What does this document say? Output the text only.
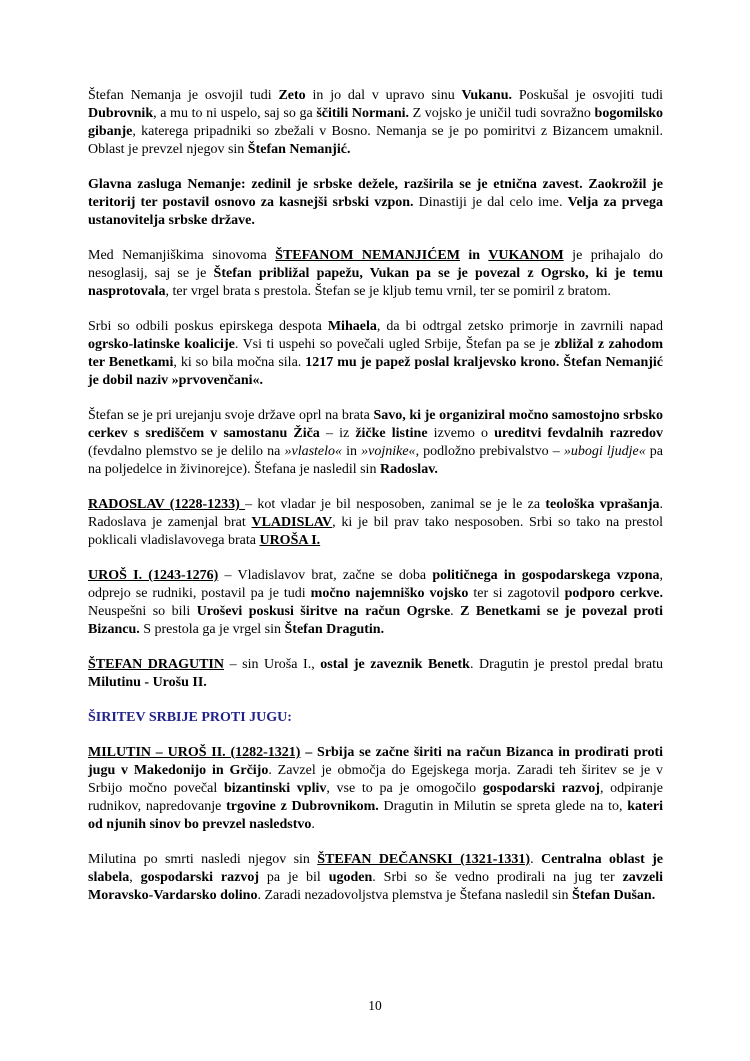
Štefan Nemanja je osvojil tudi Zeto in jo dal v upravo sinu Vukanu. Poskušal je osvojiti tudi Dubrovnik, a mu to ni uspelo, saj so ga ščitili Normani. Z vojsko je uničil tudi sovražno bogomilsko gibanje, katerega pripadniki so zbežali v Bosno. Nemanja se je po pomiritvi z Bizancem umaknil. Oblast je prevzel njegov sin Štefan Nemanjić.

Glavna zasluga Nemanje: zedinil je srbske dežele, razširila se je etnična zavest. Zaokrožil je teritorij ter postavil osnovo za kasnejši srbski vzpon. Dinastiji je dal celo ime. Velja za prvega ustanovitelja srbske države.

Med Nemanjiškima sinovoma ŠTEFANOM NEMANJIĆEM in VUKANOM je prihajalo do nesoglasij, saj se je Štefan približal papežu, Vukan pa se je povezal z Ogrsko, ki je temu nasprotovala, ter vrgel brata s prestola. Štefan se je kljub temu vrnil, ter se pomiril z bratom.

Srbi so odbili poskus epirskega despota Mihaela, da bi odtrgal zetsko primorje in zavrnili napad ogrsko-latinske koalicije. Vsi ti uspehi so povečali ugled Srbije, Štefan pa se je zbližal z zahodom ter Benetkami, ki so bila močna sila. 1217 mu je papež poslal kraljevsko krono. Štefan Nemanjić je dobil naziv »prvovenčani«.

Štefan se je pri urejanju svoje države oprl na brata Savo, ki je organiziral močno samostojno srbsko cerkev s središčem v samostanu Žiča – iz žičke listine izvemo o ureditvi fevdalnih razredov (fevdalno plemstvo se je delilo na »vlastelo« in »vojnike«, podložno prebivalstvo – »ubogi ljudje« pa na poljedelce in živinorejce). Štefana je nasledil sin Radoslav.

RADOSLAV (1228-1233) – kot vladar je bil nesposoben, zanimal se je le za teološka vprašanja. Radoslava je zamenjal brat VLADISLAV, ki je bil prav tako nesposoben. Srbi so tako na prestol poklicali vladislavovega brata UROŠA I.

UROŠ I. (1243-1276) – Vladislavov brat, začne se doba političnega in gospodarskega vzpona, odprejo se rudniki, postavil pa je tudi močno najemniško vojsko ter si zagotovil podporo cerkve. Neuspešni so bili Uroševi poskusi širitve na račun Ogrske. Z Benetkami se je povezal proti Bizancu. S prestola ga je vrgel sin Štefan Dragutin.

ŠTEFAN DRAGUTIN – sin Uroša I., ostal je zaveznik Benetk. Dragutin je prestol predal bratu Milutinu - Urošu II.

ŠIRITEV SRBIJE PROTI JUGU:

MILUTIN – UROŠ II. (1282-1321) – Srbija se začne širiti na račun Bizanca in prodirati proti jugu v Makedonijo in Grčijo. Zavzel je območja do Egejskega morja. Zaradi teh širitev se je v Srbijo močno povečal bizantinski vpliv, vse to pa je omogočilo gospodarski razvoj, odpiranje rudnikov, napredovanje trgovine z Dubrovnikom. Dragutin in Milutin se spreta glede na to, kateri od njunih sinov bo prevzel nasledstvo.

Milutina po smrti nasledi njegov sin ŠTEFAN DEČANSKI (1321-1331). Centralna oblast je slabela, gospodarski razvoj pa je bil ugoden. Srbi so še vedno prodirali na jug ter zavzeli Moravsko-Vardarsko dolino. Zaradi nezadovoljstva plemstva je Štefana nasledil sin Štefan Dušan.

10
